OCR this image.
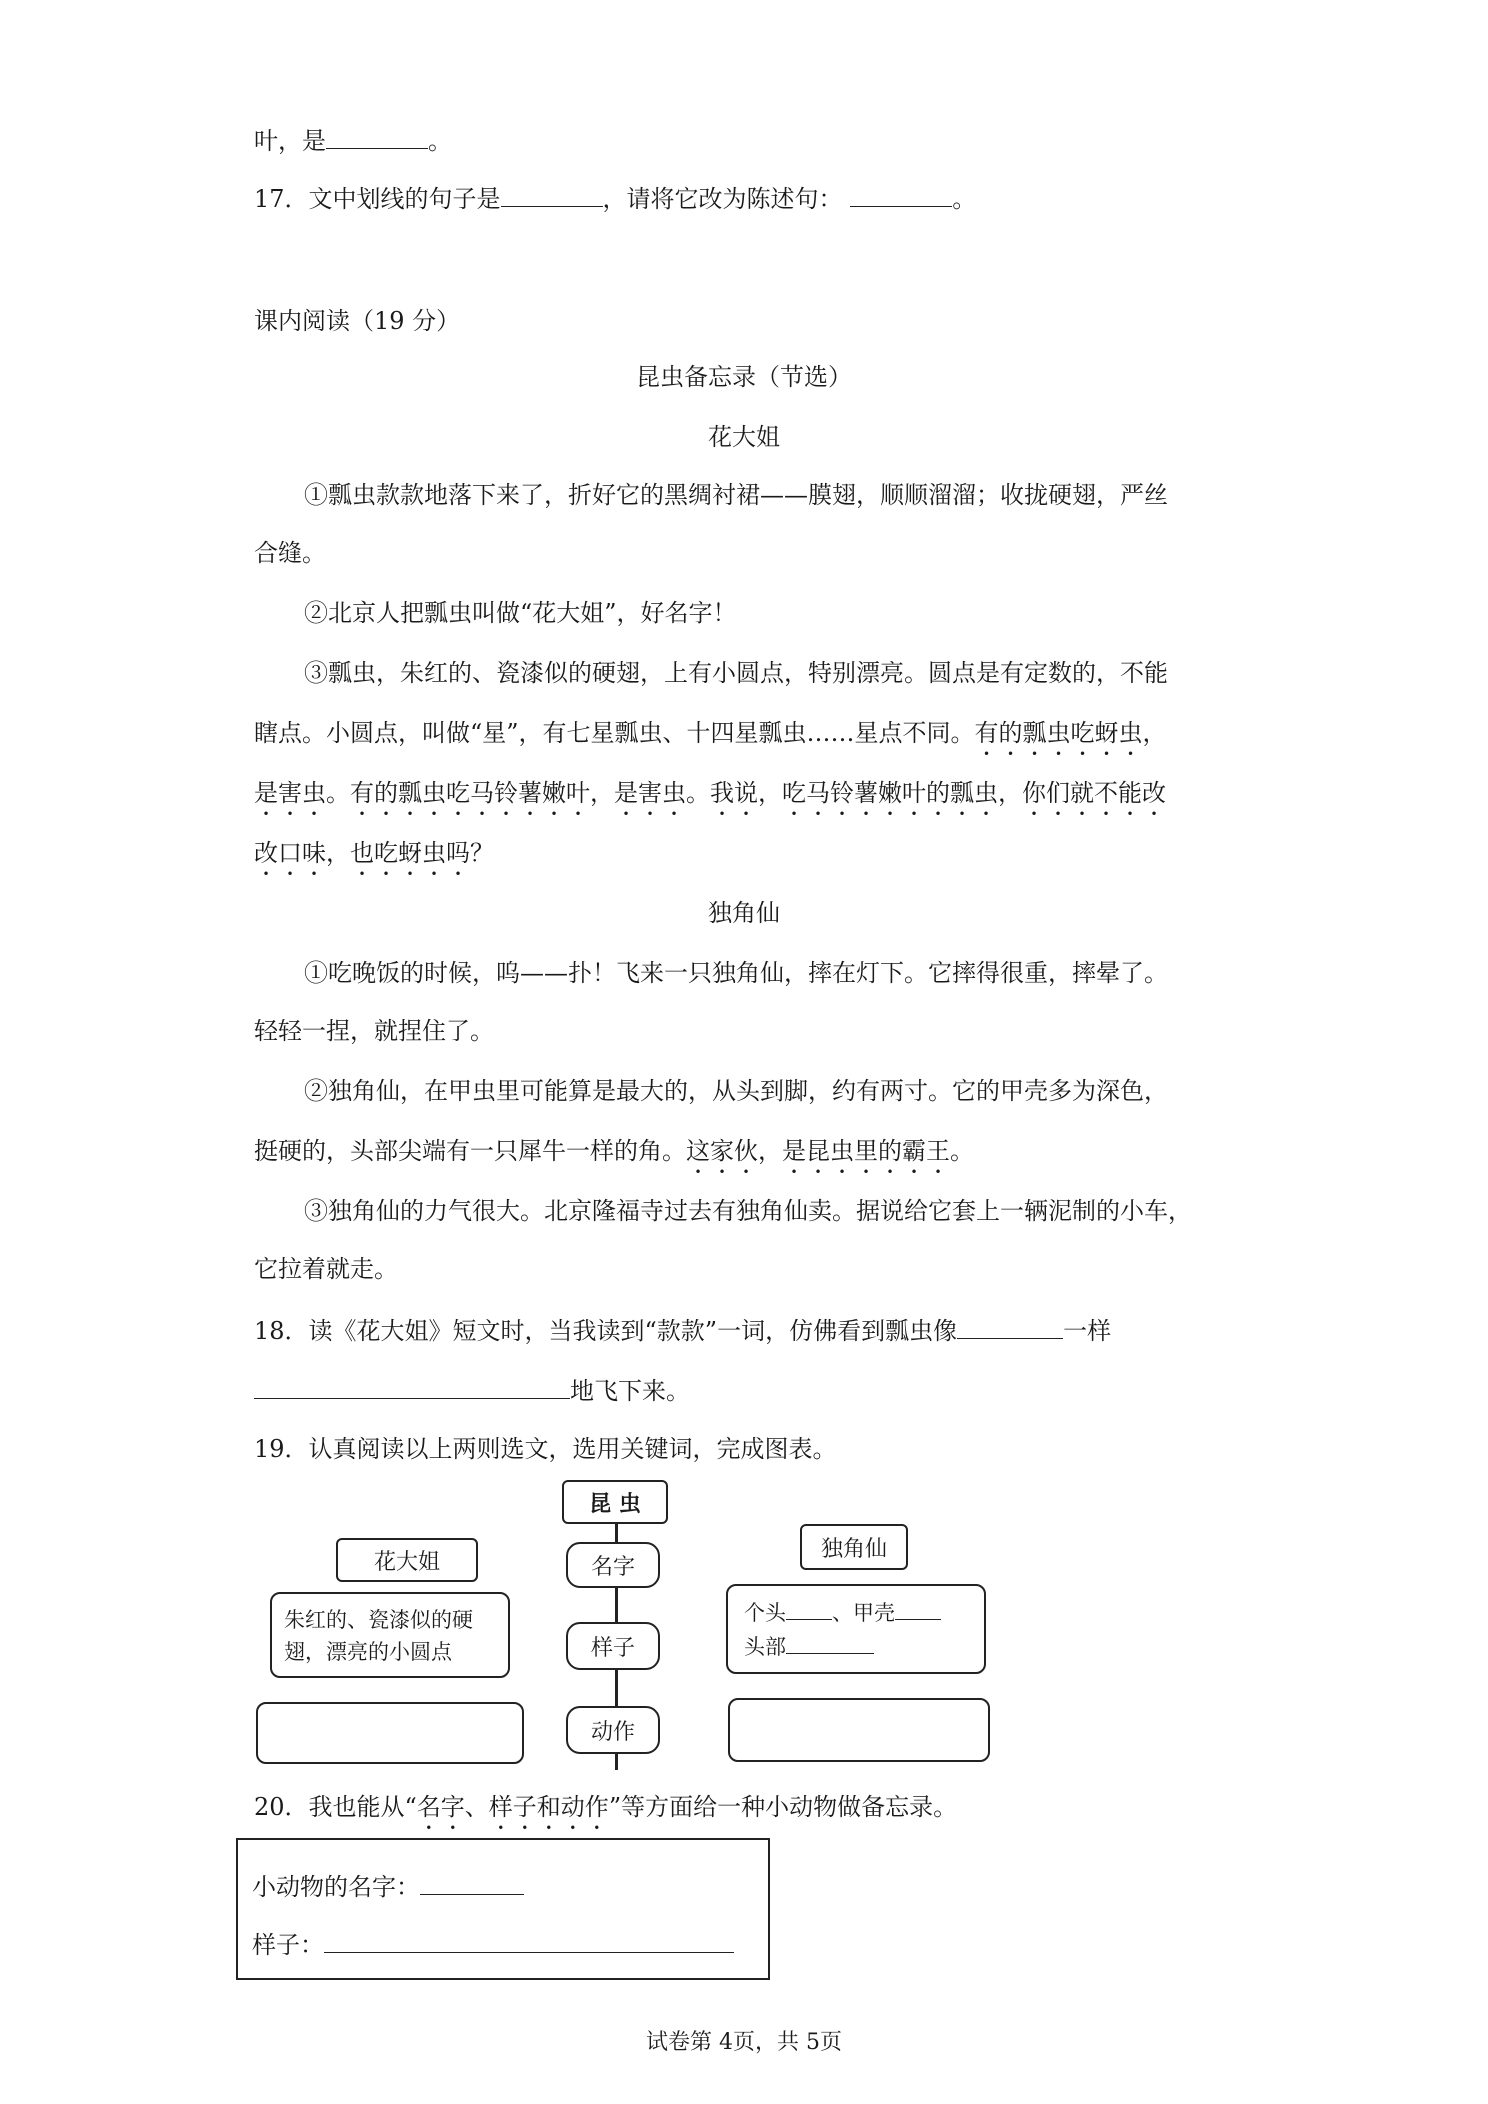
叶，是	。
17．文中划线的句子是	，请将它改为陈述句：	。
课内阅读（19 分）
昆虫备忘录（节选）
花大姐
①瓢虫款款地落下来了，折好它的黑绸衬裙——膜翅，顺顺溜溜；收拢硬翅，严丝
合缝。
②北京人把瓢虫叫做“花大姐”，好名字！
③瓢虫，朱红的、瓷漆似的硬翅，上有小圆点，特别漂亮。圆点是有定数的，不能
瞎点。小圆点，叫做“星”，有七星瓢虫、十四星瓢虫……星点不同。有的瓢虫吃蚜虫，
是害虫。有的瓢虫吃马铃薯嫩叶，是害虫。我说，吃马铃薯嫩叶的瓢虫，你们就不能改
改口味，也吃蚜虫吗？
独角仙
①吃晚饭的时候，呜——扑！飞来一只独角仙，摔在灯下。它摔得很重，摔晕了。
轻轻一捏，就捏住了。
②独角仙，在甲虫里可能算是最大的，从头到脚，约有两寸。它的甲壳多为深色，
挺硬的，头部尖端有一只犀牛一样的角。这家伙，是昆虫里的霸王。
③独角仙的力气很大。北京隆福寺过去有独角仙卖。据说给它套上一辆泥制的小车，
它拉着就走。
18．读《花大姐》短文时，当我读到“款款”一词，仿佛看到瓢虫像	一样
地飞下来。
19．认真阅读以上两则选文，选用关键词，完成图表。
昆 虫
名字
样子
动作
花大姐
朱红的、瓷漆似的硬
翅，漂亮的小圆点
独角仙
个头 、甲壳
头部
20．我也能从“名字、样子和动作”等方面给一种小动物做备忘录。
小动物的名字：
样子：
试卷第 4页，共 5页
